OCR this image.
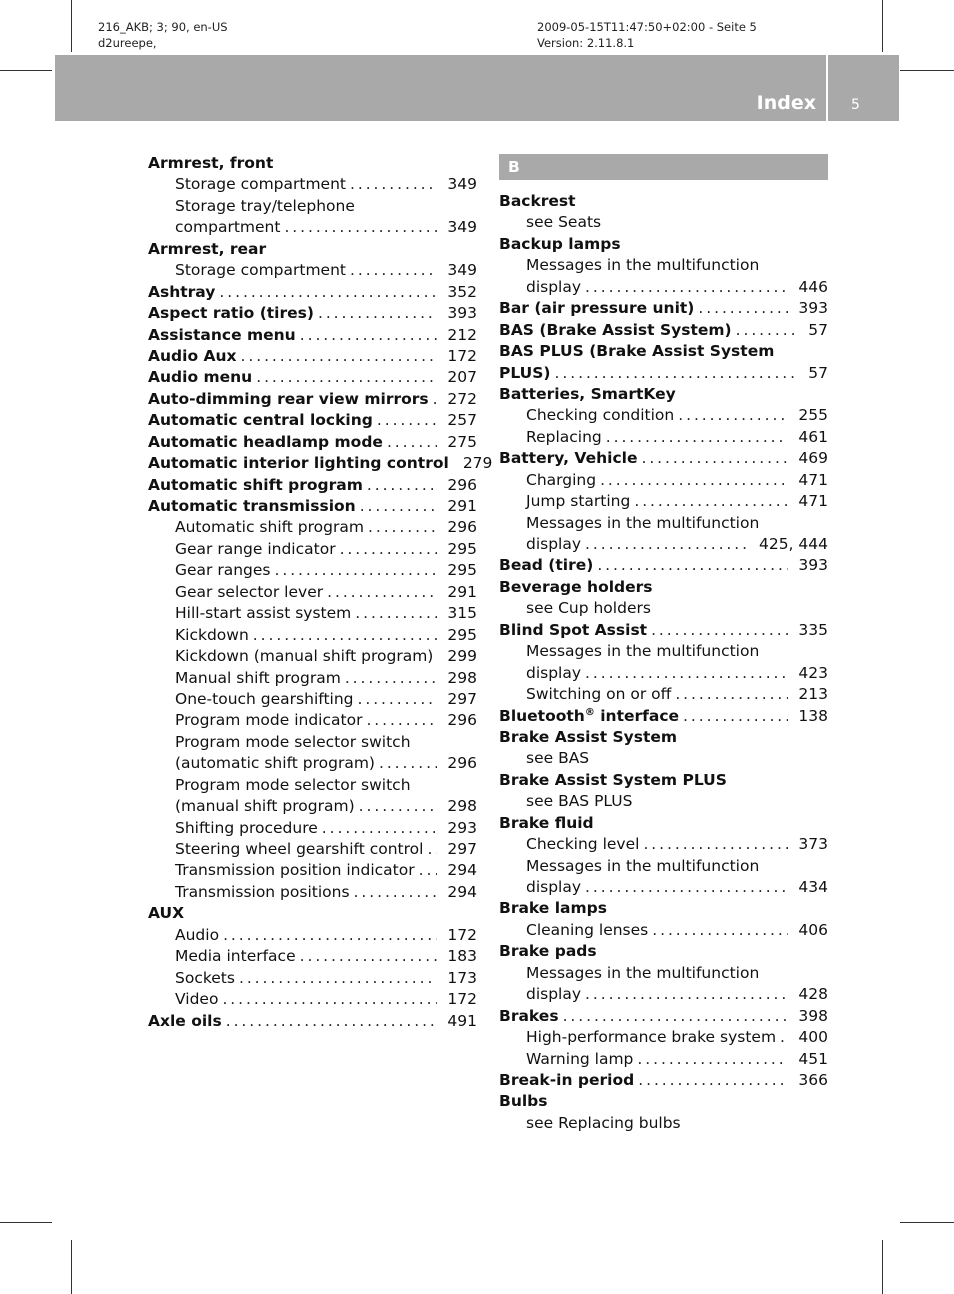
216_AKB; 3; 90, en-US
d2ureepe,
2009-05-15T11:47:50+02:00 - Seite 5
Version: 2.11.8.1
Index	5
Armrest, front
Storage compartment . . .	349
Storage tray/telephone
compartment . . .	349
Armrest, rear
Storage compartment . . .	349
Ashtray . . .	352
Aspect ratio (tires) . . .	393
Assistance menu . . .	212
Audio Aux . . .	172
Audio menu . . .	207
Auto-dimming rear view mirrors . . . 272
Automatic central locking . . .	257
Automatic headlamp mode . . .	275
Automatic interior lighting control 279
Automatic shift program . . .	296
Automatic transmission . . .	291
Automatic shift program . . .	296
Gear range indicator . . .	295
Gear ranges . . .	295
Gear selector lever . . .	291
Hill-start assist system . . .	315
Kickdown . . .	295
Kickdown (manual shift program) . . . 299
Manual shift program . . .	298
One-touch gearshifting . . .	297
Program mode indicator . . .	296
Program mode selector switch
(automatic shift program) . . .	296
Program mode selector switch
(manual shift program) . . .	298
Shifting procedure . . .	293
Steering wheel gearshift control . . . 297
Transmission position indicator . . . 294
Transmission positions . . .	294
AUX
Audio . . .	172
Media interface . . .	183
Sockets . . .	173
Video . . .	172
Axle oils . . .	491
B
Backrest
see Seats
Backup lamps
Messages in the multifunction
display . . .	446
Bar (air pressure unit) . . .	393
BAS (Brake Assist System) . . .	57
BAS PLUS (Brake Assist System
PLUS) . . .	57
Batteries, SmartKey
Checking condition . . .	255
Replacing . . .	461
Battery, Vehicle . . .	469
Charging . . .	471
Jump starting . . .	471
Messages in the multifunction
display . . .	425, 444
Bead (tire) . . .	393
Beverage holders
see Cup holders
Blind Spot Assist . . .	335
Messages in the multifunction
display . . .	423
Switching on or off . . .	213
Bluetooth® interface . . .	138
Brake Assist System
see BAS
Brake Assist System PLUS
see BAS PLUS
Brake fluid
Checking level . . .	373
Messages in the multifunction
display . . .	434
Brake lamps
Cleaning lenses . . .	406
Brake pads
Messages in the multifunction
display . . .	428
Brakes . . .	398
High-performance brake system . . . 400
Warning lamp . . .	451
Break-in period . . .	366
Bulbs
see Replacing bulbs
